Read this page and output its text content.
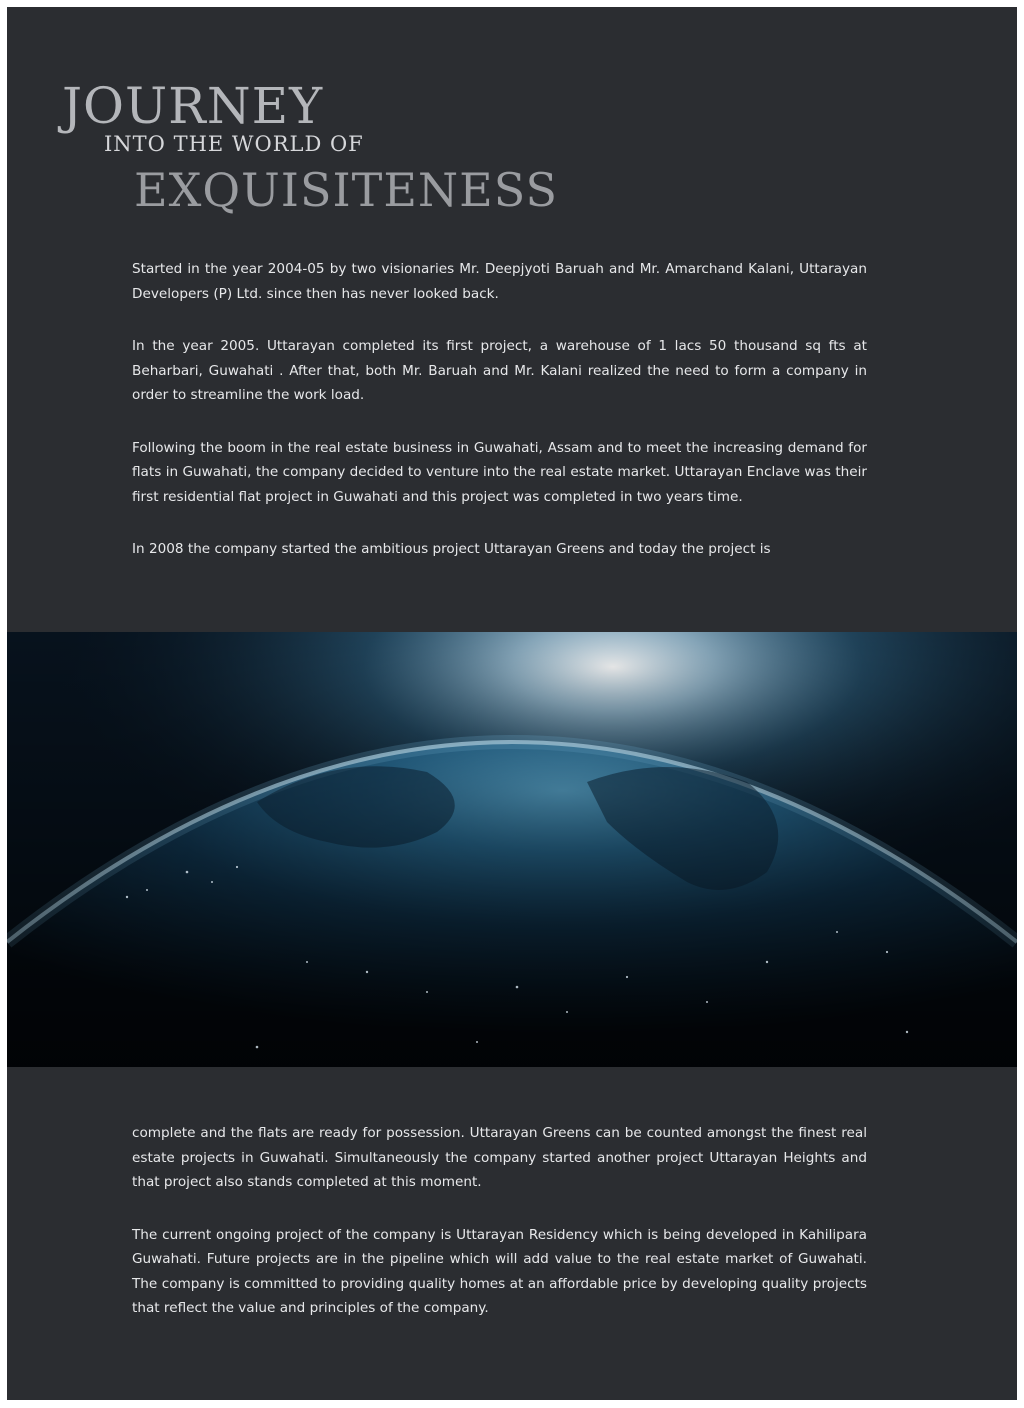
JOURNEY
INTO THE WORLD OF
EXQUISITENESS

Started in the year 2004-05 by two visionaries Mr. Deepjyoti Baruah and Mr. Amarchand Kalani, Uttarayan Developers (P) Ltd. since then has never looked back.

In the year 2005. Uttarayan completed its first project, a warehouse of 1 lacs 50 thousand sq fts at Beharbari, Guwahati . After that, both Mr. Baruah and Mr. Kalani realized the need to form a company in order to streamline the work load.

Following the boom in the real estate business in Guwahati, Assam and to meet the increasing demand for flats in Guwahati, the company decided to venture into the real estate market. Uttarayan Enclave was their first residential flat project in Guwahati and this project was completed in two years time.

In 2008 the company started the ambitious project Uttarayan Greens and today the project is

complete and the flats are ready for possession. Uttarayan Greens can be counted amongst the finest real estate projects in Guwahati. Simultaneously the company started another project Uttarayan Heights and that project also stands completed at this moment.

The current ongoing project of the company is Uttarayan Residency which is being developed in Kahilipara Guwahati. Future projects are in the pipeline which will add value to the real estate market of Guwahati. The company is committed to providing quality homes at an affordable price by developing quality projects that reflect the value and principles of the company.
